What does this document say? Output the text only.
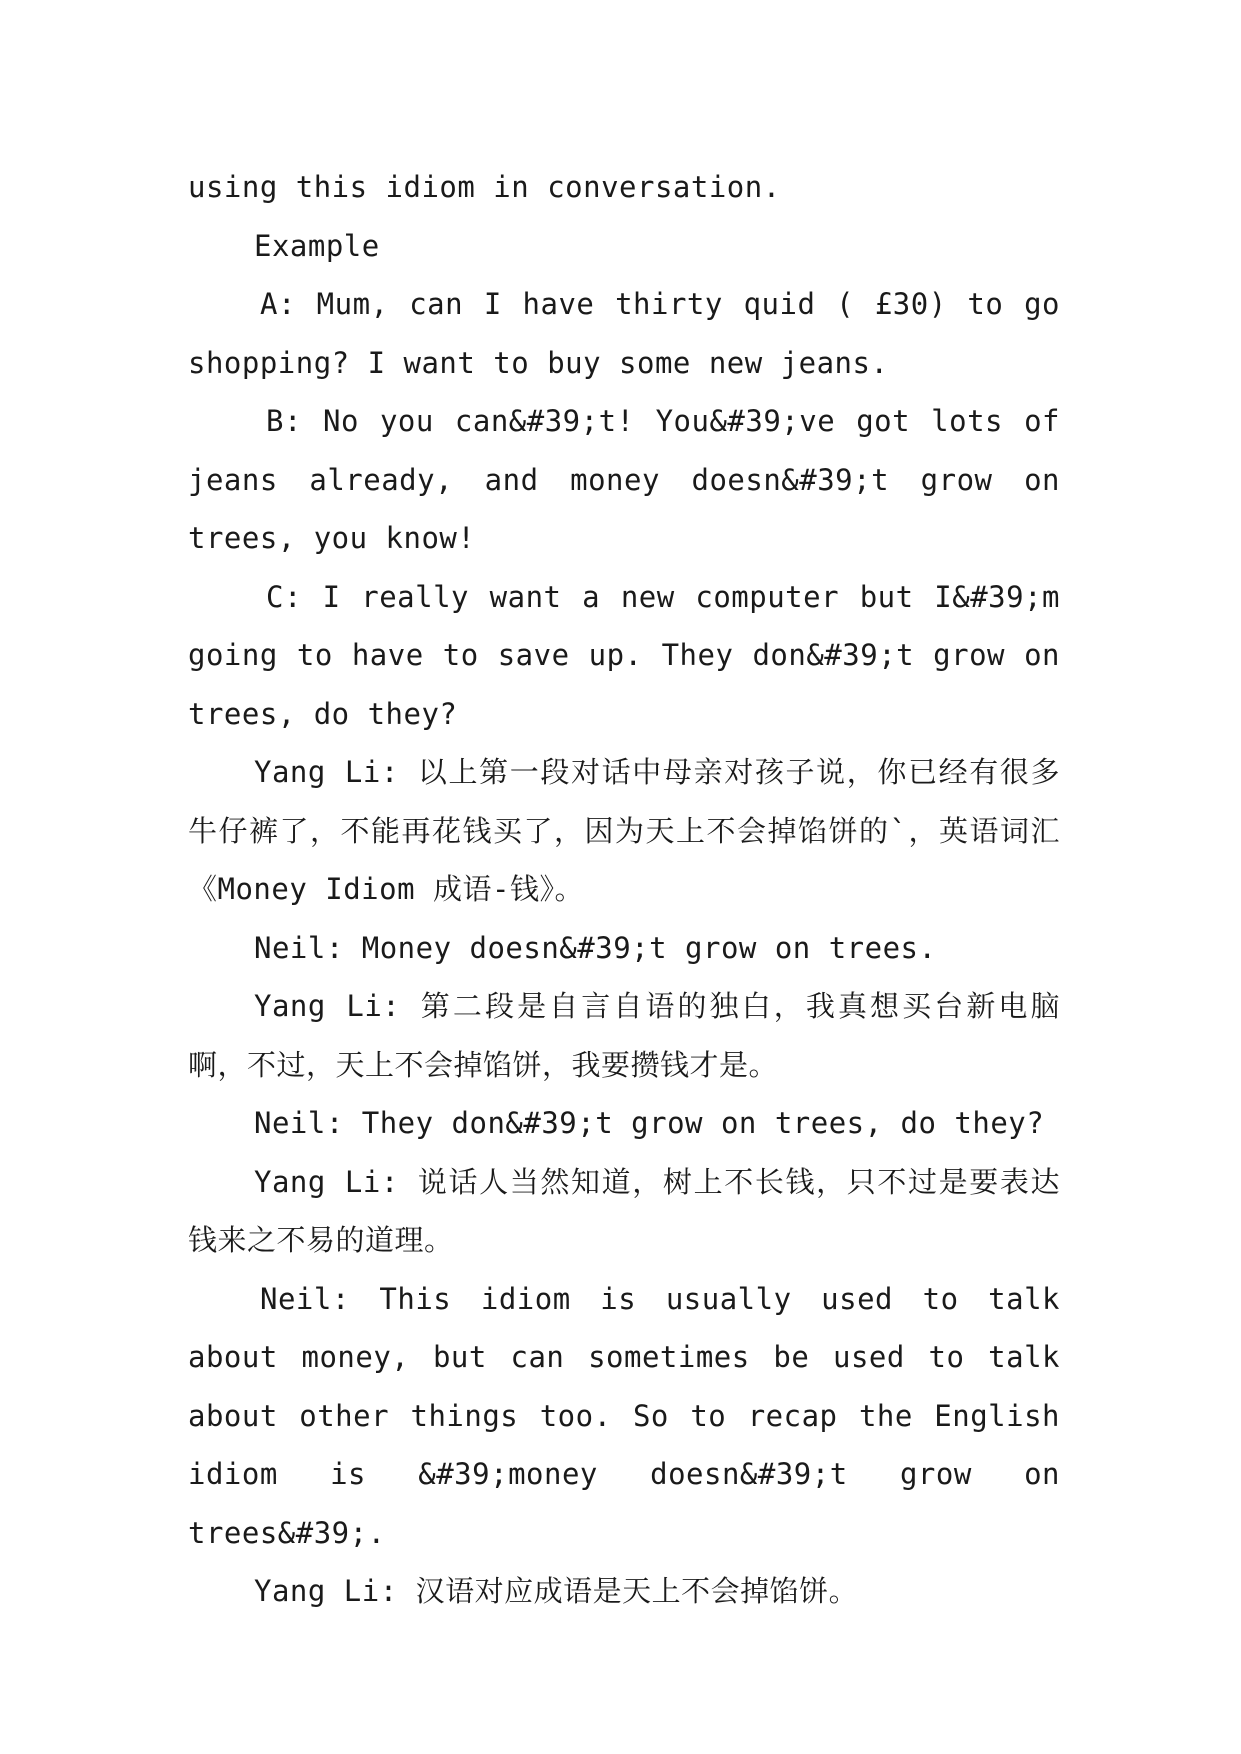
using this idiom in conversation.

Example

A: Mum, can I have thirty quid ( £30) to go shopping? I want to buy some new jeans.

B: No you can&#39;t! You&#39;ve got lots of jeans already, and money doesn&#39;t grow on trees, you know!

C: I really want a new computer but I&#39;m going to have to save up. They don&#39;t grow on trees, do they?

Yang Li: 以上第一段对话中母亲对孩子说，你已经有很多牛仔裤了，不能再花钱买了，因为天上不会掉馅饼的`，英语词汇《Money Idiom 成语-钱》。

Neil: Money doesn&#39;t grow on trees.

Yang Li: 第二段是自言自语的独白，我真想买台新电脑啊，不过，天上不会掉馅饼，我要攒钱才是。

Neil: They don&#39;t grow on trees, do they?

Yang Li: 说话人当然知道，树上不长钱，只不过是要表达钱来之不易的道理。

Neil: This idiom is usually used to talk about money, but can sometimes be used to talk about other things too. So to recap the English idiom is &#39;money doesn&#39;t grow on trees&#39;.

Yang Li: 汉语对应成语是天上不会掉馅饼。
